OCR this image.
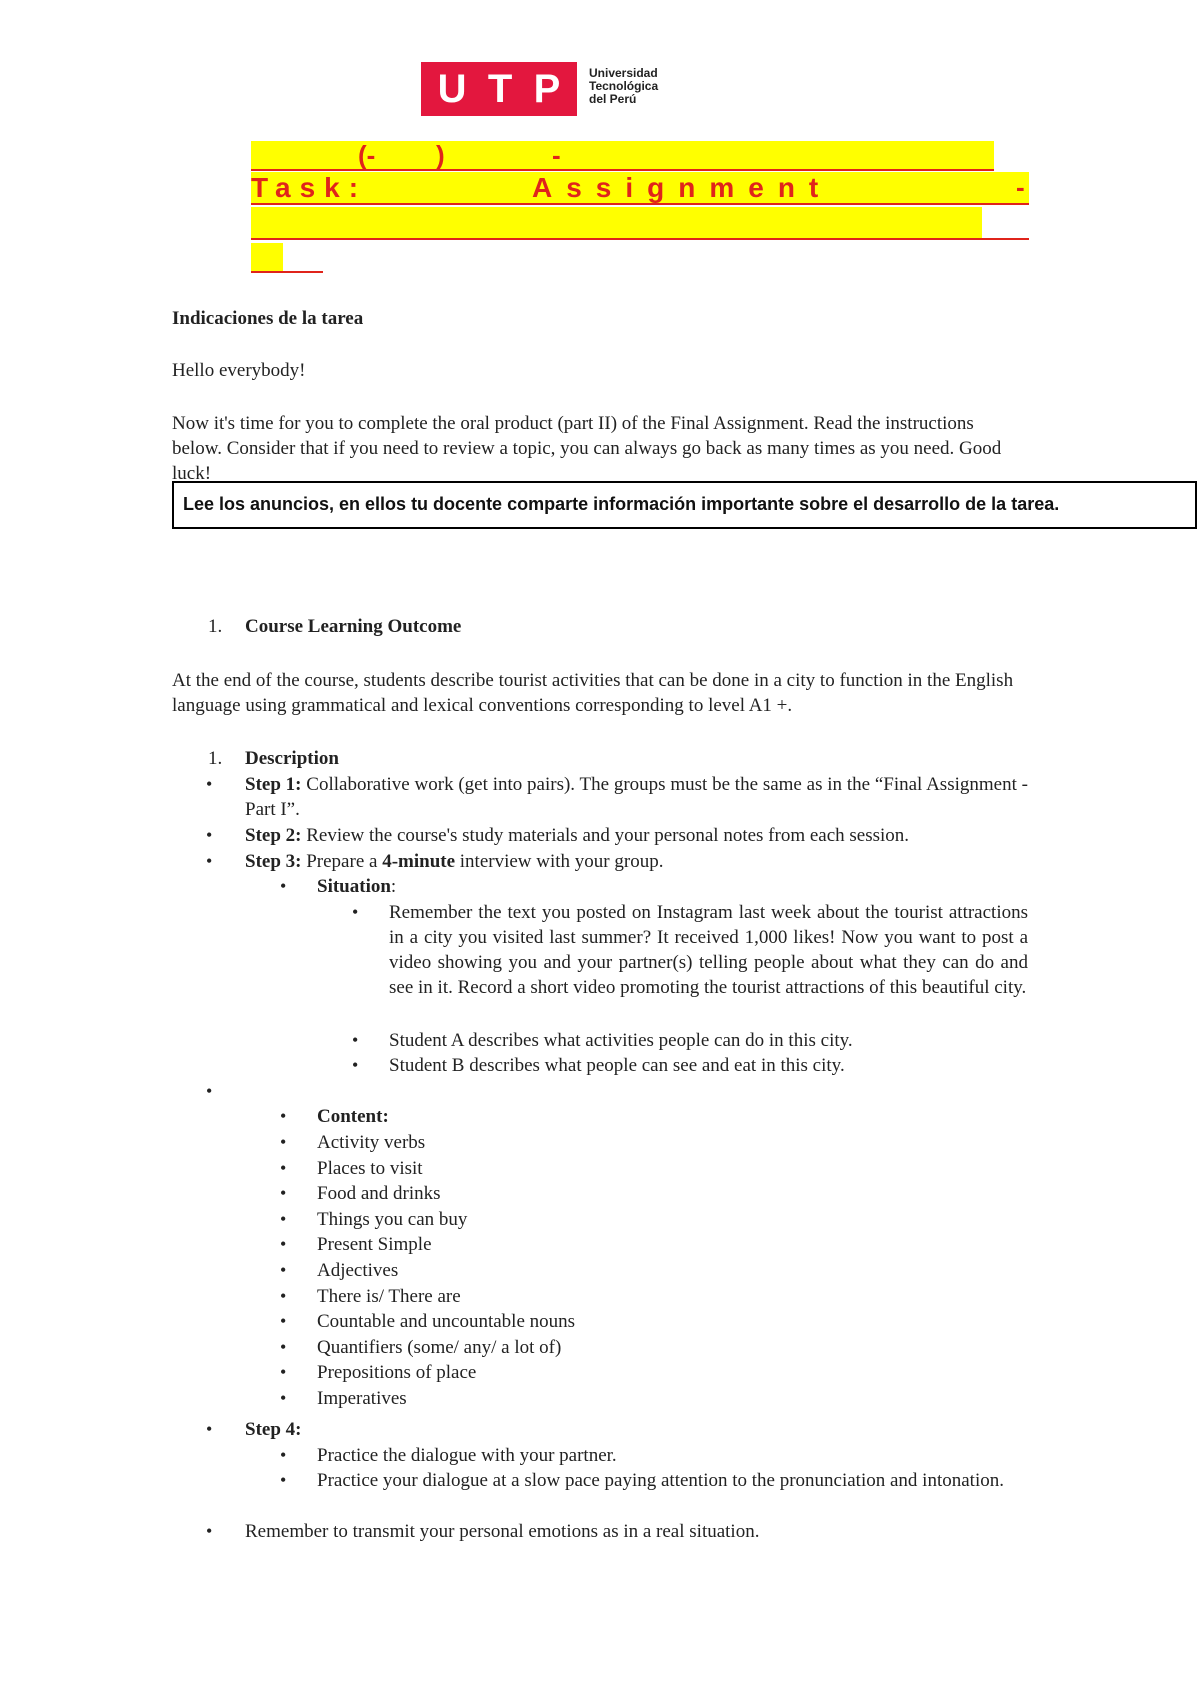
U T P Universidad
Tecnológica
del Perú
(- )	-
Task:	Assignment	-
Indicaciones de la tarea
Hello everybody!
Now it's time for you to complete the oral product (part II) of the Final Assignment. Read the instructions below. Consider that if you need to review a topic, you can always go back as many times as you need. Good luck!
Lee los anuncios, en ellos tu docente comparte información importante sobre el desarrollo de la tarea.
1. Course Learning Outcome
At the end of the course, students describe tourist activities that can be done in a city to function in the English language using grammatical and lexical conventions corresponding to level A1 +.
1. Description
• Step 1: Collaborative work (get into pairs). The groups must be the same as in the “Final Assignment - Part I”.
• Step 2: Review the course's study materials and your personal notes from each session.
• Step 3: Prepare a 4-minute interview with your group.
• Situation:
• Remember the text you posted on Instagram last week about the tourist attractions in a city you visited last summer? It received 1,000 likes! Now you want to post a video showing you and your partner(s) telling people about what they can do and see in it. Record a short video promoting the tourist attractions of this beautiful city.
• Student A describes what activities people can do in this city.
• Student B describes what people can see and eat in this city.
•
• Content:
• Activity verbs
• Places to visit
• Food and drinks
• Things you can buy
• Present Simple
• Adjectives
• There is/ There are
• Countable and uncountable nouns
• Quantifiers (some/ any/ a lot of)
• Prepositions of place
• Imperatives
• Step 4:
• Practice the dialogue with your partner.
• Practice your dialogue at a slow pace paying attention to the pronunciation and intonation.
• Remember to transmit your personal emotions as in a real situation.
